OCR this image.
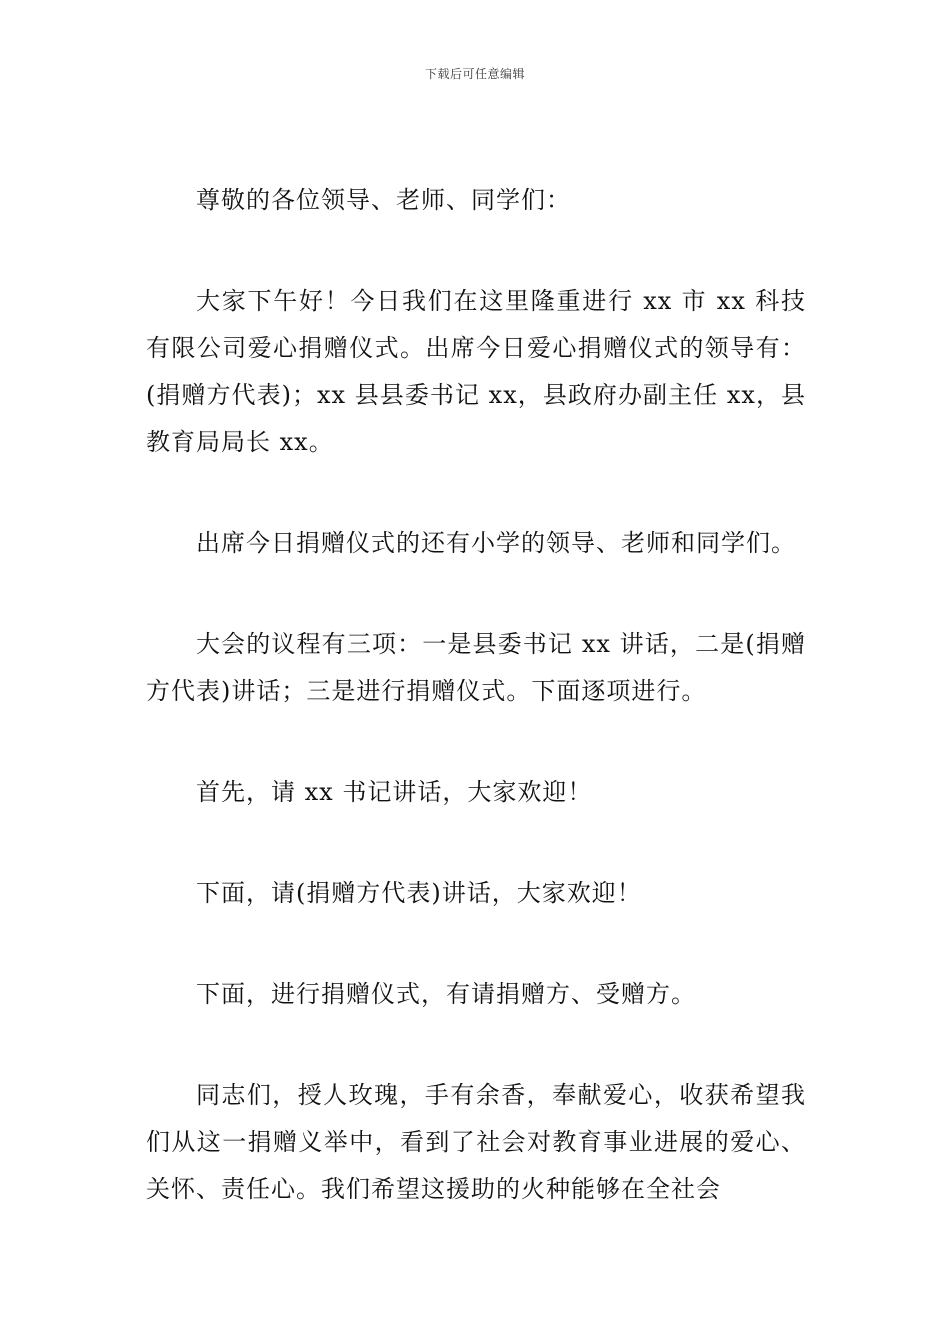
下载后可任意编辑

尊敬的各位领导、老师、同学们：

大家下午好！今日我们在这里隆重进行 xx 市 xx 科技有限公司爱心捐赠仪式。出席今日爱心捐赠仪式的领导有：(捐赠方代表)；xx 县县委书记 xx，县政府办副主任 xx，县教育局局长 xx。

出席今日捐赠仪式的还有小学的领导、老师和同学们。

大会的议程有三项：一是县委书记 xx 讲话，二是(捐赠方代表)讲话；三是进行捐赠仪式。下面逐项进行。

首先，请 xx 书记讲话，大家欢迎！

下面，请(捐赠方代表)讲话，大家欢迎！

下面，进行捐赠仪式，有请捐赠方、受赠方。

同志们，授人玫瑰，手有余香，奉献爱心，收获希望我们从这一捐赠义举中，看到了社会对教育事业进展的爱心、关怀、责任心。我们希望这援助的火种能够在全社会
